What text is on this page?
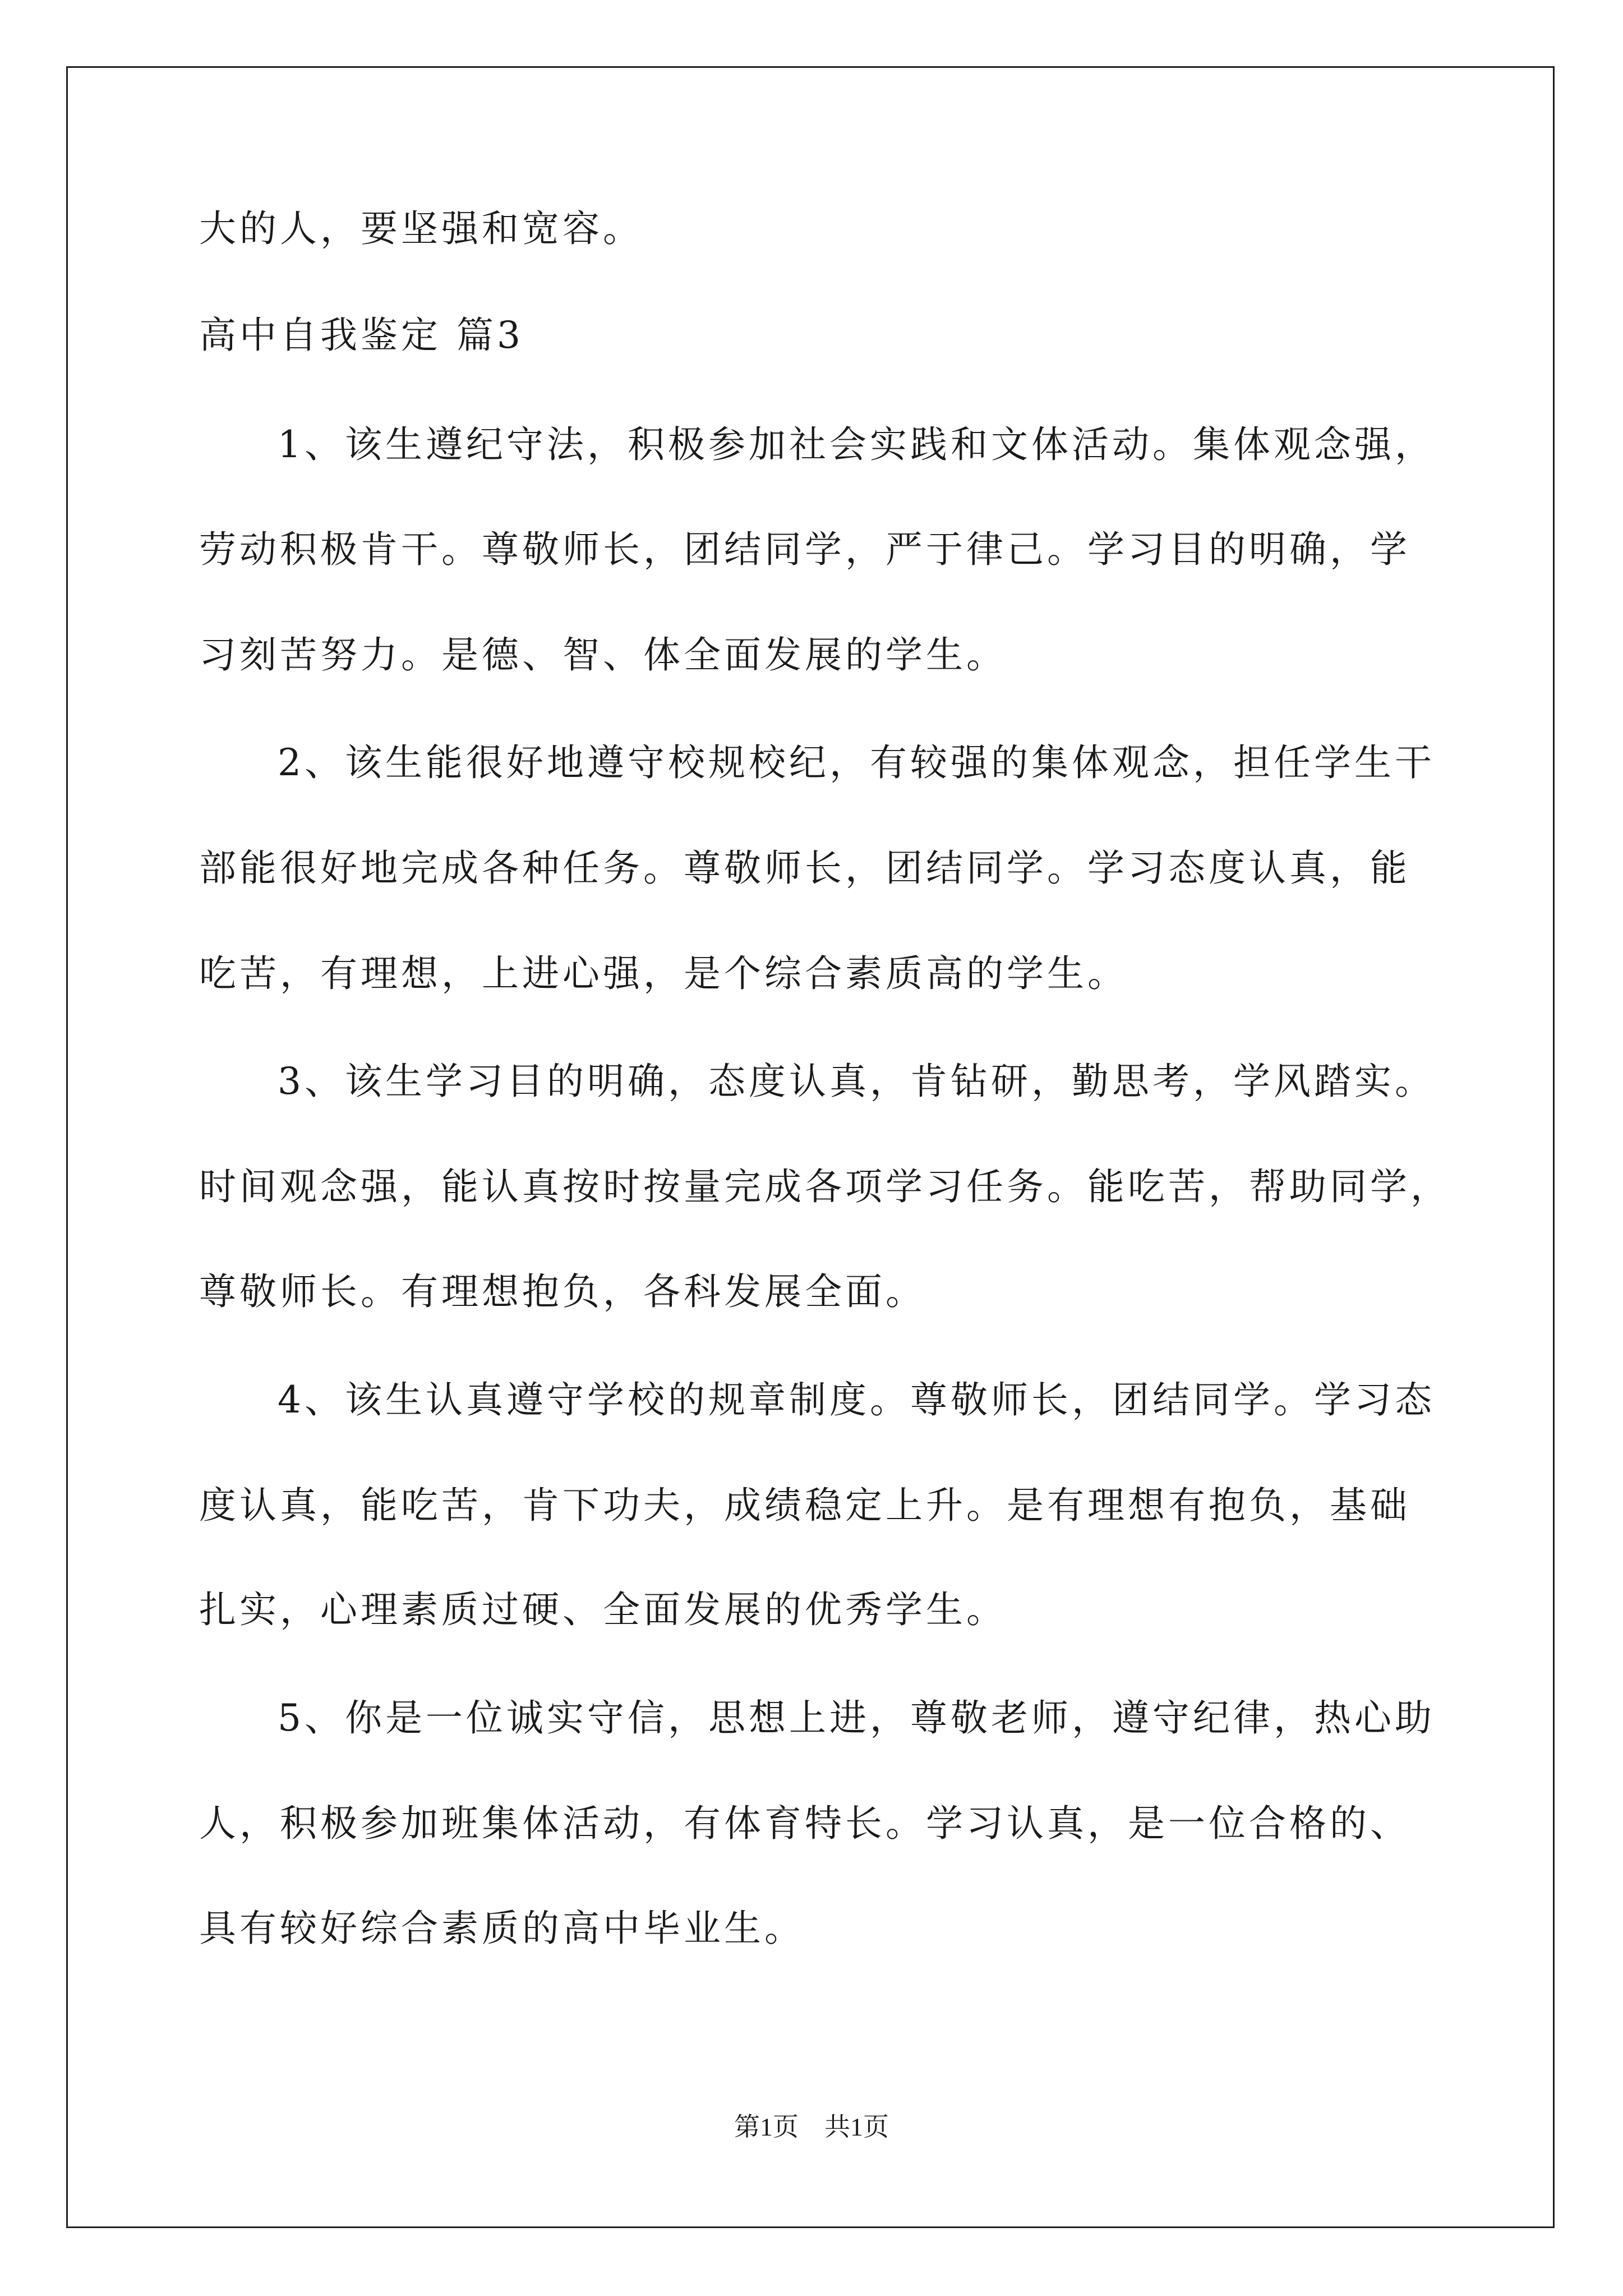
大的人，要坚强和宽容。
高中自我鉴定 篇3
1、该生遵纪守法，积极参加社会实践和文体活动。集体观念强，
劳动积极肯干。尊敬师长，团结同学，严于律己。学习目的明确，学
习刻苦努力。是德、智、体全面发展的学生。
2、该生能很好地遵守校规校纪，有较强的集体观念，担任学生干
部能很好地完成各种任务。尊敬师长，团结同学。学习态度认真，能
吃苦，有理想，上进心强，是个综合素质高的学生。
3、该生学习目的明确，态度认真，肯钻研，勤思考，学风踏实。
时间观念强，能认真按时按量完成各项学习任务。能吃苦，帮助同学，
尊敬师长。有理想抱负，各科发展全面。
4、该生认真遵守学校的规章制度。尊敬师长，团结同学。学习态
度认真，能吃苦，肯下功夫，成绩稳定上升。是有理想有抱负，基础
扎实，心理素质过硬、全面发展的优秀学生。
5、你是一位诚实守信，思想上进，尊敬老师，遵守纪律，热心助
人，积极参加班集体活动，有体育特长。学习认真，是一位合格的、
具有较好综合素质的高中毕业生。
第1页　共1页
